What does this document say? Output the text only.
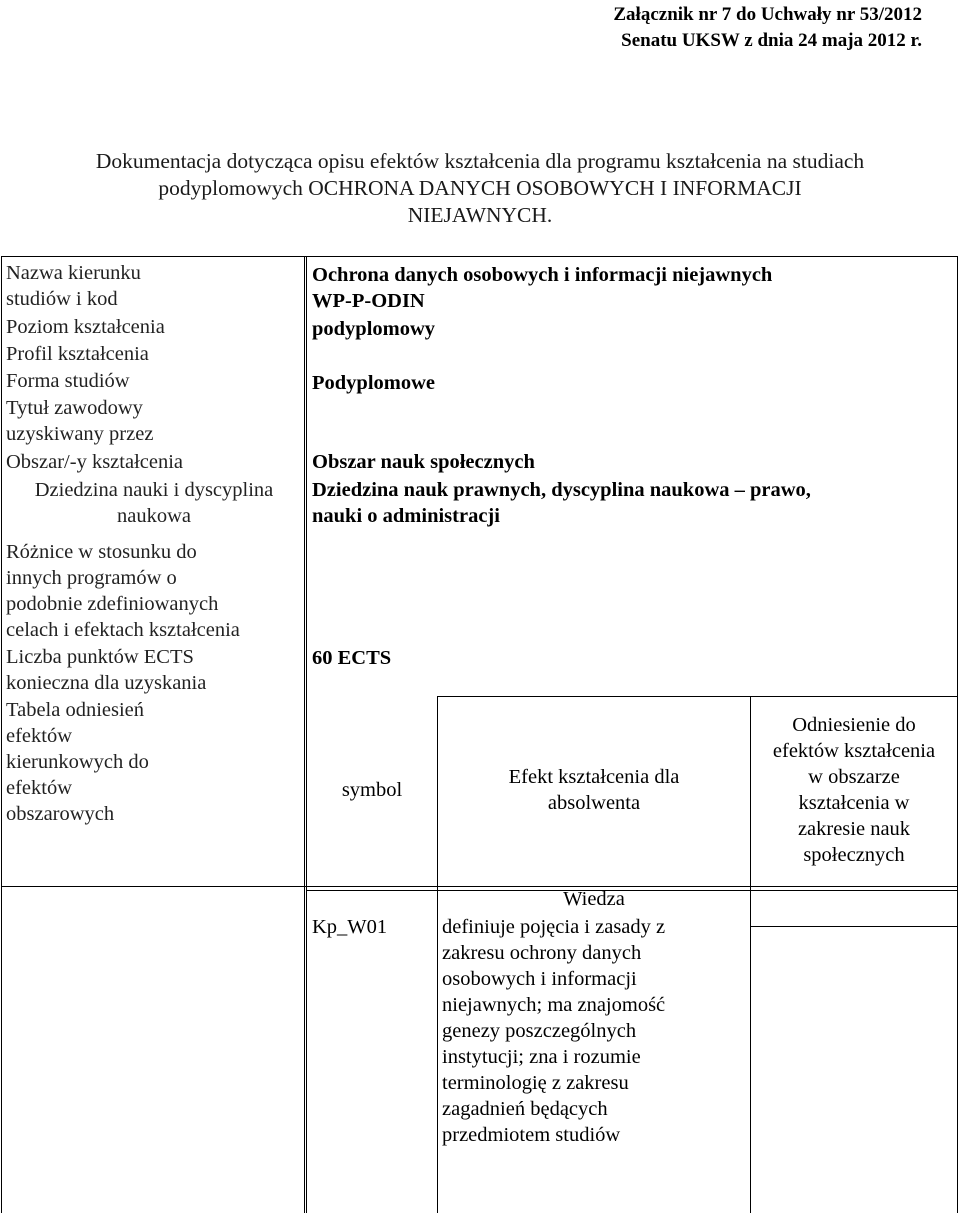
Załącznik nr 7 do Uchwały nr 53/2012
Senatu UKSW z dnia 24 maja 2012 r.
Dokumentacja dotycząca opisu efektów kształcenia dla programu kształcenia na studiach
podyplomowych OCHRONA DANYCH OSOBOWYCH I INFORMACJI
NIEJAWNYCH.
Nazwa kierunku
studiów i kod
Poziom kształcenia
Profil kształcenia
Forma studiów
Tytuł zawodowy
uzyskiwany przez
Obszar/-y kształcenia
Dziedzina nauki i dyscyplina
naukowa
Różnice w stosunku do
innych programów o
podobnie zdefiniowanych
celach i efektach kształcenia
Liczba punktów ECTS
konieczna dla uzyskania
Tabela odniesień
efektów
kierunkowych do
efektów
obszarowych
Ochrona danych osobowych i informacji niejawnych
WP-P-ODIN
podyplomowy
Podyplomowe
Obszar nauk społecznych
Dziedzina nauk prawnych, dyscyplina naukowa – prawo,
nauki o administracji
60 ECTS
symbol
Efekt kształcenia dla
absolwenta
Odniesienie do
efektów kształcenia
w obszarze
kształcenia w
zakresie nauk
społecznych
Wiedza
Kp_W01	definiuje pojęcia i zasady z
zakresu ochrony danych
osobowych i informacji
niejawnych; ma znajomość
genezy poszczególnych
instytucji; zna i rozumie
terminologię z zakresu
zagadnień będących
przedmiotem studiów
